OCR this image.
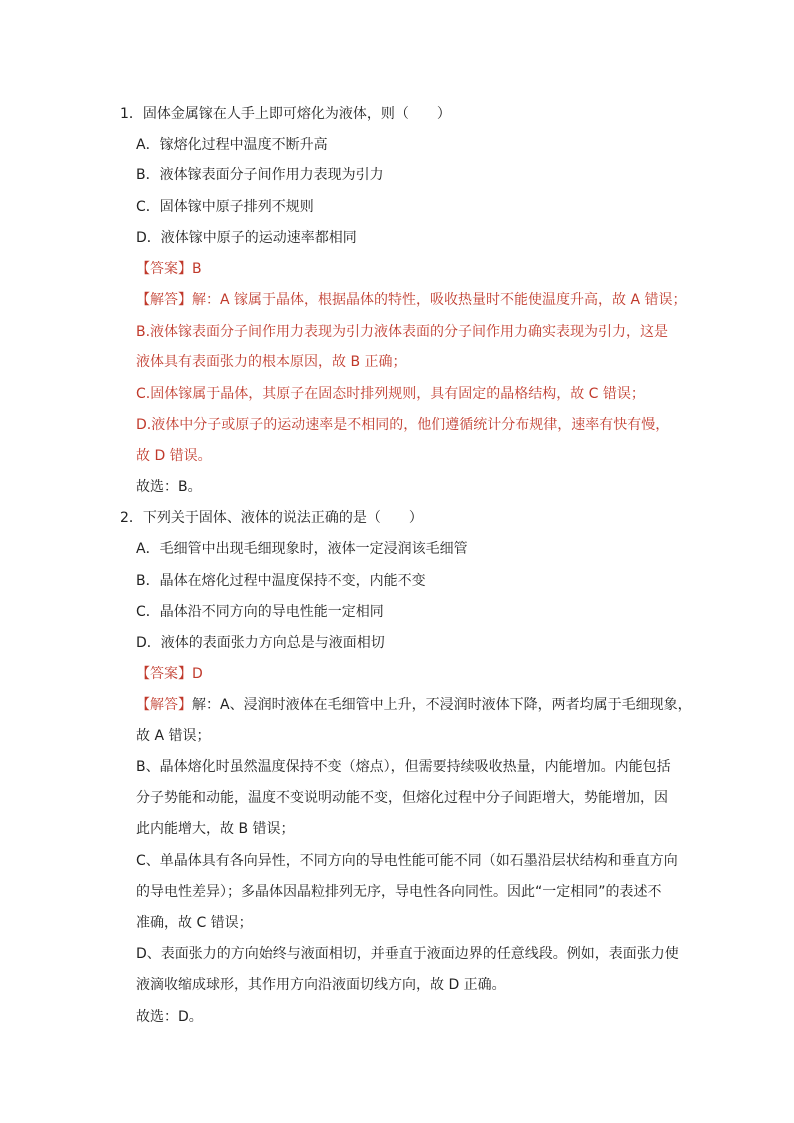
1．固体金属镓在人手上即可熔化为液体，则（　　）
A．镓熔化过程中温度不断升高
B．液体镓表面分子间作用力表现为引力
C．固体镓中原子排列不规则
D．液体镓中原子的运动速率都相同
【答案】B
【解答】解：A 镓属于晶体，根据晶体的特性，吸收热量时不能使温度升高，故 A 错误；
B.液体镓表面分子间作用力表现为引力液体表面的分子间作用力确实表现为引力，这是
液体具有表面张力的根本原因，故 B 正确；
C.固体镓属于晶体，其原子在固态时排列规则，具有固定的晶格结构，故 C 错误；
D.液体中分子或原子的运动速率是不相同的，他们遵循统计分布规律，速率有快有慢，
故 D 错误。
故选：B。
2．下列关于固体、液体的说法正确的是（　　）
A．毛细管中出现毛细现象时，液体一定浸润该毛细管
B．晶体在熔化过程中温度保持不变，内能不变
C．晶体沿不同方向的导电性能一定相同
D．液体的表面张力方向总是与液面相切
【答案】D
【解答】解：A、浸润时液体在毛细管中上升，不浸润时液体下降，两者均属于毛细现象，
故 A 错误；
B、晶体熔化时虽然温度保持不变（熔点），但需要持续吸收热量，内能增加。内能包括
分子势能和动能，温度不变说明动能不变，但熔化过程中分子间距增大，势能增加，因
此内能增大，故 B 错误；
C、单晶体具有各向异性，不同方向的导电性能可能不同（如石墨沿层状结构和垂直方向
的导电性差异）；多晶体因晶粒排列无序，导电性各向同性。因此“一定相同”的表述不
准确，故 C 错误；
D、表面张力的方向始终与液面相切，并垂直于液面边界的任意线段。例如，表面张力使
液滴收缩成球形，其作用方向沿液面切线方向，故 D 正确。
故选：D。
